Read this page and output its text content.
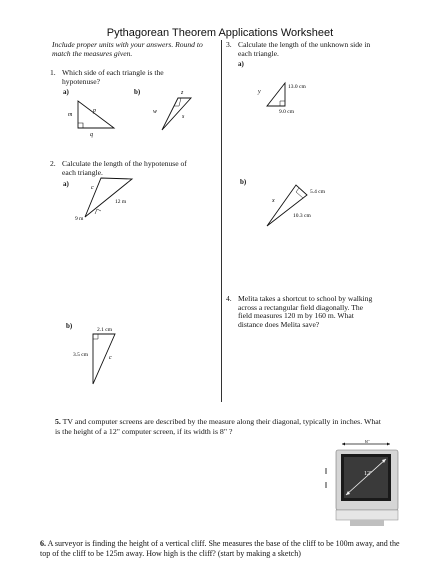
Pythagorean Theorem Applications Worksheet
Include proper units with your answers. Round to match the measures given.
1. Which side of each triangle is the hypotenuse?
a)	b)
m
p
q
w
z
s
2. Calculate the length of the hypotenuse of each triangle.
a)	c
12 m
9 m
b)	2.1 cm
3.5 cm	c
3. Calculate the length of the unknown side in each triangle.
a)
13.0 cm
y
9.0 cm
b)
5.4 cm
x
10.3 cm
4. Melita takes a shortcut to school by walking across a rectangular field diagonally. The field measures 120 m by 160 m. What distance does Melita save?
5. TV and computer screens are described by the measure along their diagonal, typically in inches. What is the height of a 12" computer screen, if its width is 8" ?
8"
12"
6. A surveyor is finding the height of a vertical cliff. She measures the base of the cliff to be 100m away, and the top of the cliff to be 125m away. How high is the cliff? (start by making a sketch)
